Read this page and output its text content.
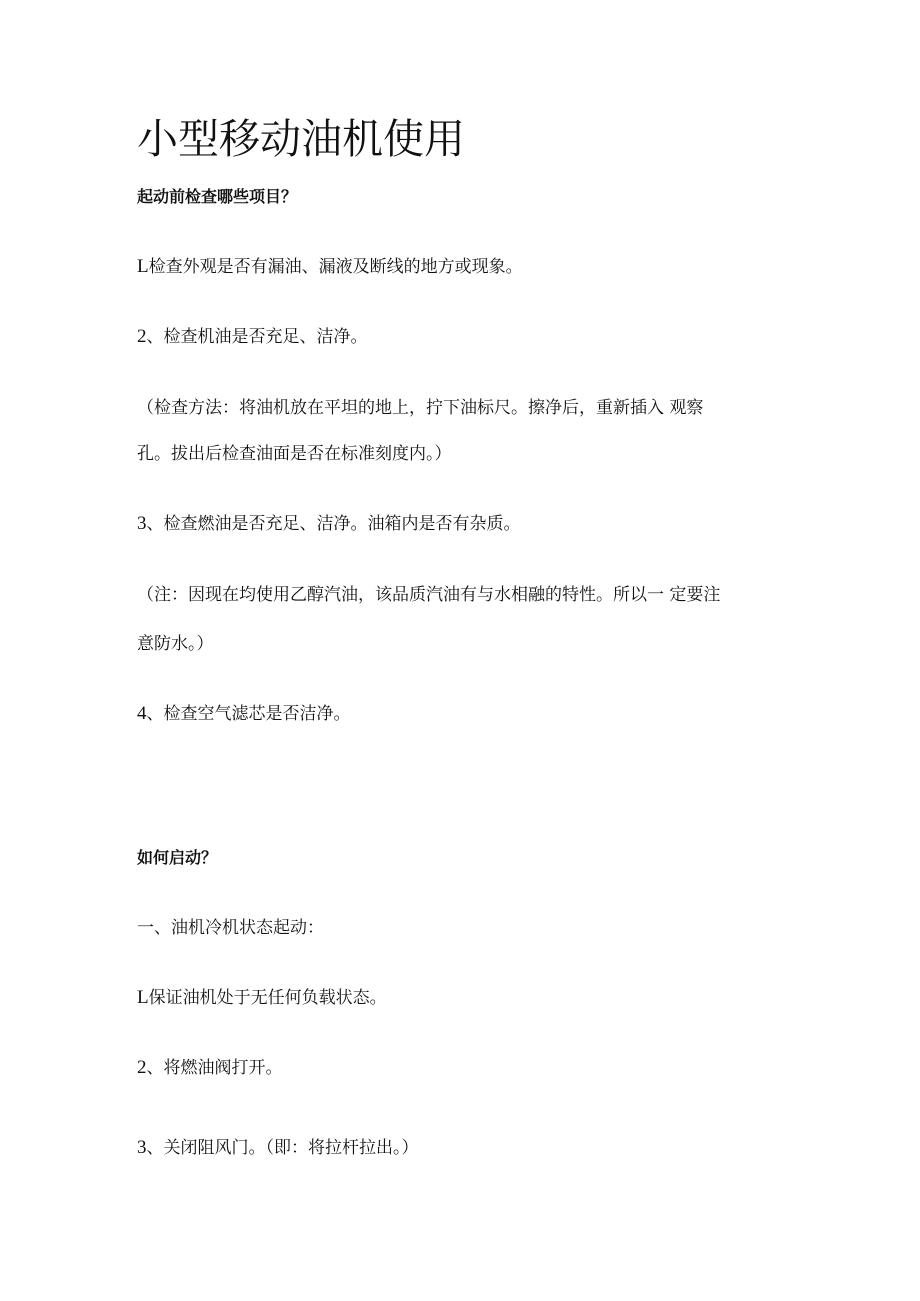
小型移动油机使用
起动前检查哪些项目？
L检查外观是否有漏油、漏液及断线的地方或现象。
2、检查机油是否充足、洁净。
（检查方法：将油机放在平坦的地上，拧下油标尺。擦净后，重新插入 观察
孔。拔出后检查油面是否在标准刻度内。）
3、检查燃油是否充足、洁净。油箱内是否有杂质。
（注：因现在均使用乙醇汽油，该品质汽油有与水相融的特性。所以一 定要注
意防水。）
4、检查空气滤芯是否洁净。
如何启动？
一、油机冷机状态起动：
L保证油机处于无任何负载状态。
2、将燃油阀打开。
3、关闭阻风门。（即：将拉杆拉出。）
